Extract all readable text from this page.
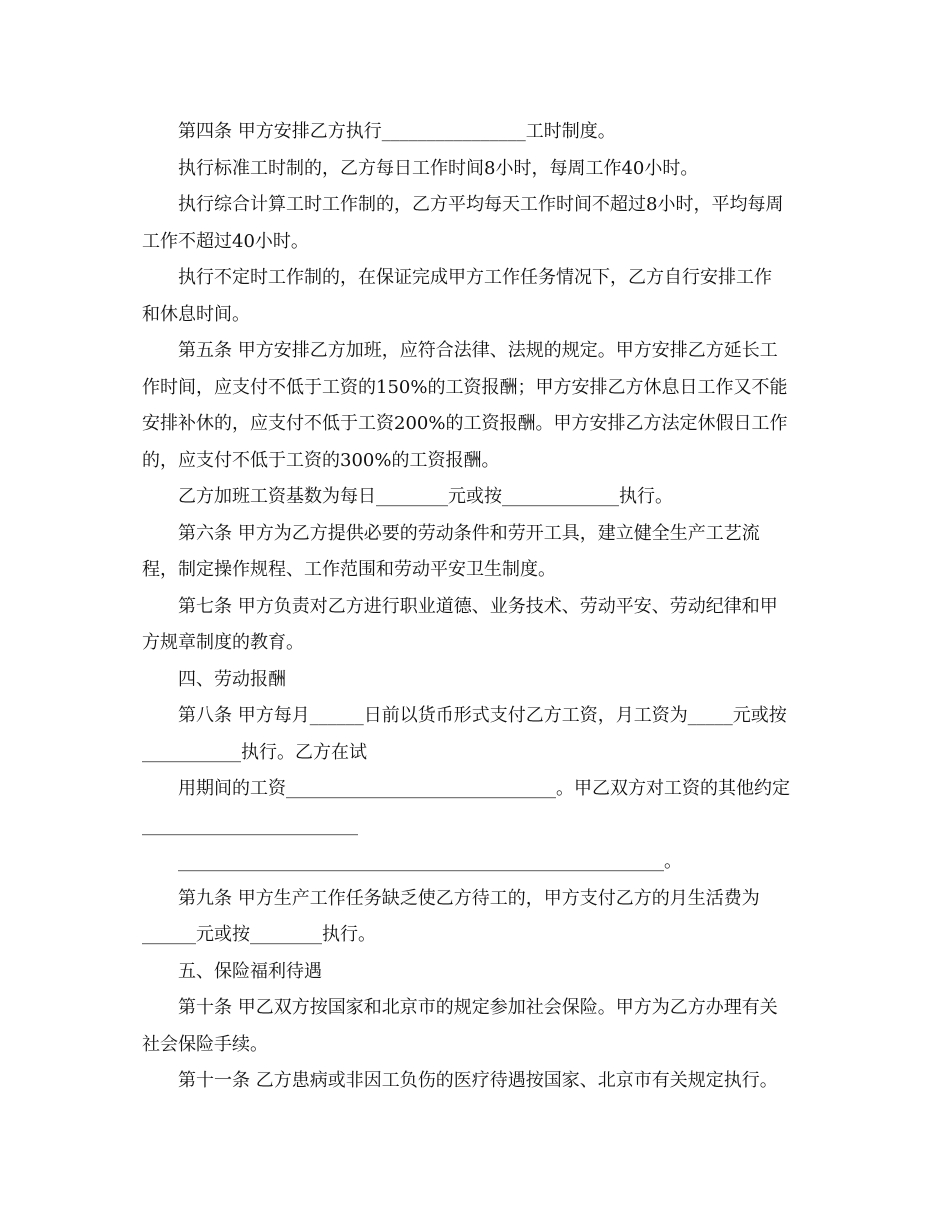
第四条 甲方安排乙方执行________________工时制度。

执行标准工时制的，乙方每日工作时间8小时，每周工作40小时。

执行综合计算工时工作制的，乙方平均每天工作时间不超过8小时，平均每周

工作不超过40小时。

执行不定时工作制的，在保证完成甲方工作任务情况下，乙方自行安排工作

和休息时间。

第五条 甲方安排乙方加班，应符合法律、法规的规定。甲方安排乙方延长工

作时间，应支付不低于工资的150%的工资报酬；甲方安排乙方休息日工作又不能

安排补休的，应支付不低于工资200%的工资报酬。甲方安排乙方法定休假日工作

的，应支付不低于工资的300%的工资报酬。

乙方加班工资基数为每日________元或按_____________执行。

第六条 甲方为乙方提供必要的劳动条件和劳开工具，建立健全生产工艺流

程，制定操作规程、工作范围和劳动平安卫生制度。

第七条 甲方负责对乙方进行职业道德、业务技术、劳动平安、劳动纪律和甲

方规章制度的教育。

四、劳动报酬

第八条 甲方每月______日前以货币形式支付乙方工资，月工资为_____元或按

___________执行。乙方在试

用期间的工资______________________________。甲乙双方对工资的其他约定

________________________

______________________________________________________。

第九条 甲方生产工作任务缺乏使乙方待工的，甲方支付乙方的月生活费为

______元或按________执行。

五、保险福利待遇

第十条 甲乙双方按国家和北京市的规定参加社会保险。甲方为乙方办理有关

社会保险手续。

第十一条 乙方患病或非因工负伤的医疗待遇按国家、北京市有关规定执行。
